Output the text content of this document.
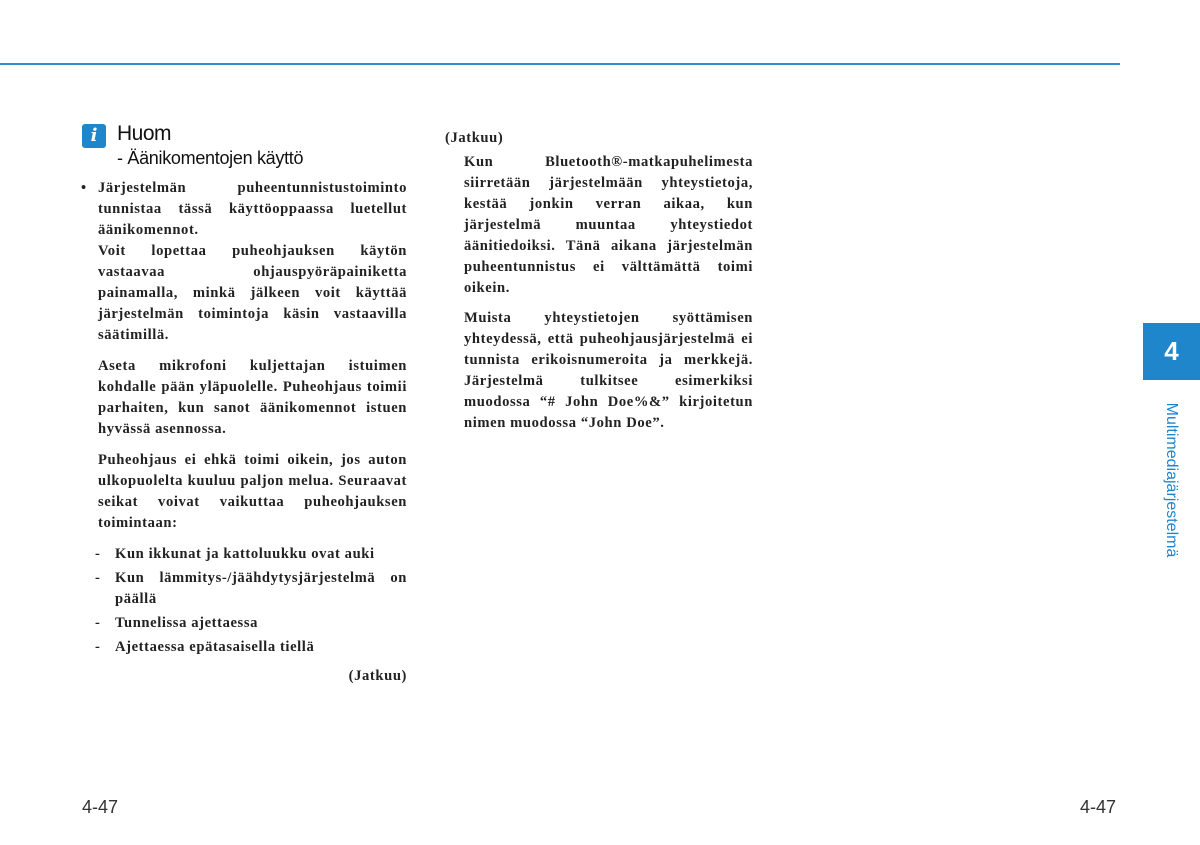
i Huom
- Äänikomentojen käyttö

• Järjestelmän puheentunnistustoiminto tunnistaa tässä käyttöoppaassa luetellut äänikomennot.

Voit lopettaa puheohjauksen käytön vastaavaa ohjauspyöräpainiketta painamalla, minkä jälkeen voit käyttää järjestelmän toimintoja käsin vastaavilla säätimillä.

Aseta mikrofoni kuljettajan istuimen kohdalle pään yläpuolelle. Puheohjaus toimii parhaiten, kun sanot äänikomennot istuen hyvässä asennossa.

Puheohjaus ei ehkä toimi oikein, jos auton ulkopuolelta kuuluu paljon melua. Seuraavat seikat voivat vaikuttaa puheohjauksen toimintaan:

- Kun ikkunat ja kattoluukku ovat auki

- Kun lämmitys-/jäähdytysjärjestelmä on päällä

- Tunnelissa ajettaessa

- Ajettaessa epätasaisella tiellä

(Jatkuu)

(Jatkuu)

Kun Bluetooth®-matkapuhelimesta siirretään järjestelmään yhteystietoja, kestää jonkin verran aikaa, kun järjestelmä muuntaa yhteystiedot äänitiedoiksi. Tänä aikana järjestelmän puheentunnistus ei välttämättä toimi oikein.

Muista yhteystietojen syöttämisen yhteydessä, että puheohjausjärjestelmä ei tunnista erikoisnumeroita ja merkkejä. Järjestelmä tulkitsee esimerkiksi muodossa “# John Doe%&” kirjoitetun nimen muodossa “John Doe”.

4-47	4-47
4
Multimediajärjestelmä
